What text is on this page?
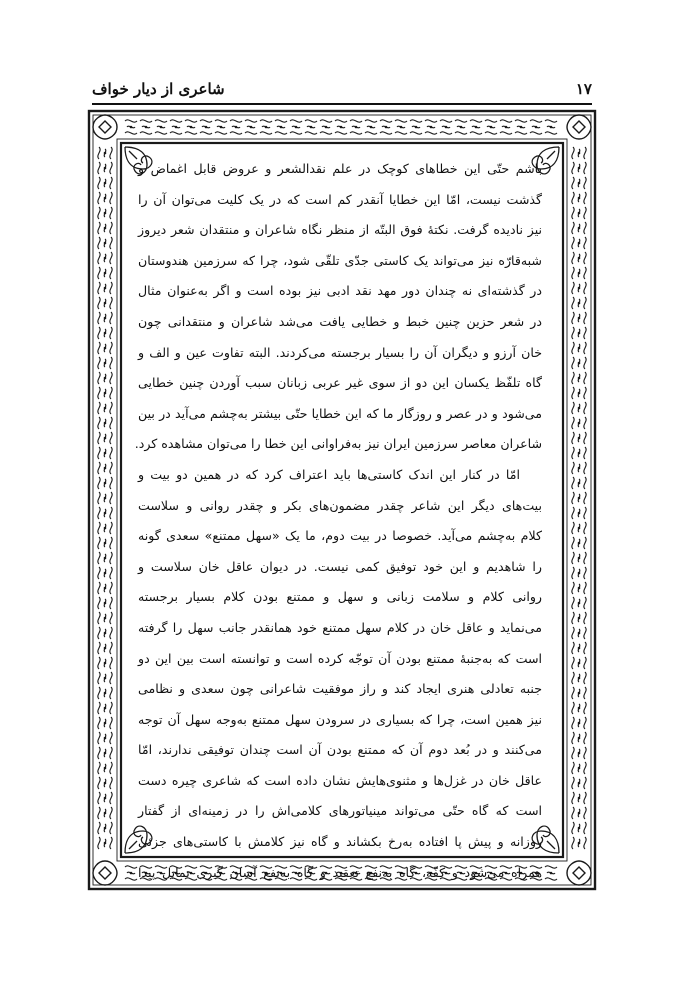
۱۷
شاعری از دیار خواف
باشم حتّی این خطاهای کوچک در علم نقدالشعر و عروض قابل اغماض و
گذشت نیست، امّا این خطایا آنقدر کم است که در یک کلیت می‌توان آن را
نیز نادیده گرفت. نکتهٔ فوق البتّه از منظر نگاه شاعران و منتقدان شعر دیروز
شبه‌قارّه نیز می‌تواند یک کاستی جدّی تلقّی شود، چرا که سرزمین هندوستان
در گذشته‌ای نه چندان دور مهد نقد ادبی نیز بوده است و اگر به‌عنوان مثال
در شعر حزین چنین خبط و خطایی یافت می‌شد شاعران و منتقدانی چون
خان آرزو و دیگران آن را بسیار برجسته می‌کردند. البته تفاوت عین و الف و
گاه تلفّظ یکسان این دو از سوی غیر عربی زبانان سبب آوردن چنین خطایی
می‌شود و در عصر و روزگار ما که این خطایا حتّی بیشتر به‌چشم می‌آید در بین
شاعران معاصر سرزمین ایران نیز به‌فراوانی این خطا را می‌توان مشاهده کرد.
امّا در کنار این اندک کاستی‌ها باید اعتراف کرد که در همین دو بیت و
بیت‌های دیگر این شاعر چقدر مضمون‌های بکر و چقدر روانی و سلاست
کلام به‌چشم می‌آید. خصوصا در بیت دوم، ما یک «سهل ممتنع» سعدی گونه
را شاهدیم و این خود توفیق کمی نیست. در دیوان عاقل خان سلاست و
روانی کلام و سلامت زبانی و سهل و ممتنع بودن کلام بسیار برجسته
می‌نماید و عاقل خان در کلام سهل ممتنع خود همانقدر جانب سهل را گرفته
است که به‌جنبهٔ ممتنع بودن آن توجّه کرده است و توانسته است بین این دو
جنبه تعادلی هنری ایجاد کند و راز موفقیت شاعرانی چون سعدی و نظامی
نیز همین است، چرا که بسیاری در سرودن سهل ممتنع به‌وجه سهل آن توجه
می‌کنند و در بُعد دوم آن که ممتنع بودن آن است چندان توفیقی ندارند، امّا
عاقل خان در غزل‌ها و مثنوی‌هایش نشان داده است که شاعری چیره دست
است که گاه حتّی می‌تواند مینیاتورهای کلامی‌اش را در زمینه‌ای از گفتار
روزانه و پیش پا افتاده به‌رخ بکشاند و گاه نیز کلامش با کاستی‌های جزئی
همراه می‌شود و کفّه، گاه به‌نفع تعقید و گاه به‌نفع آسان گیری تمایل پیدا
